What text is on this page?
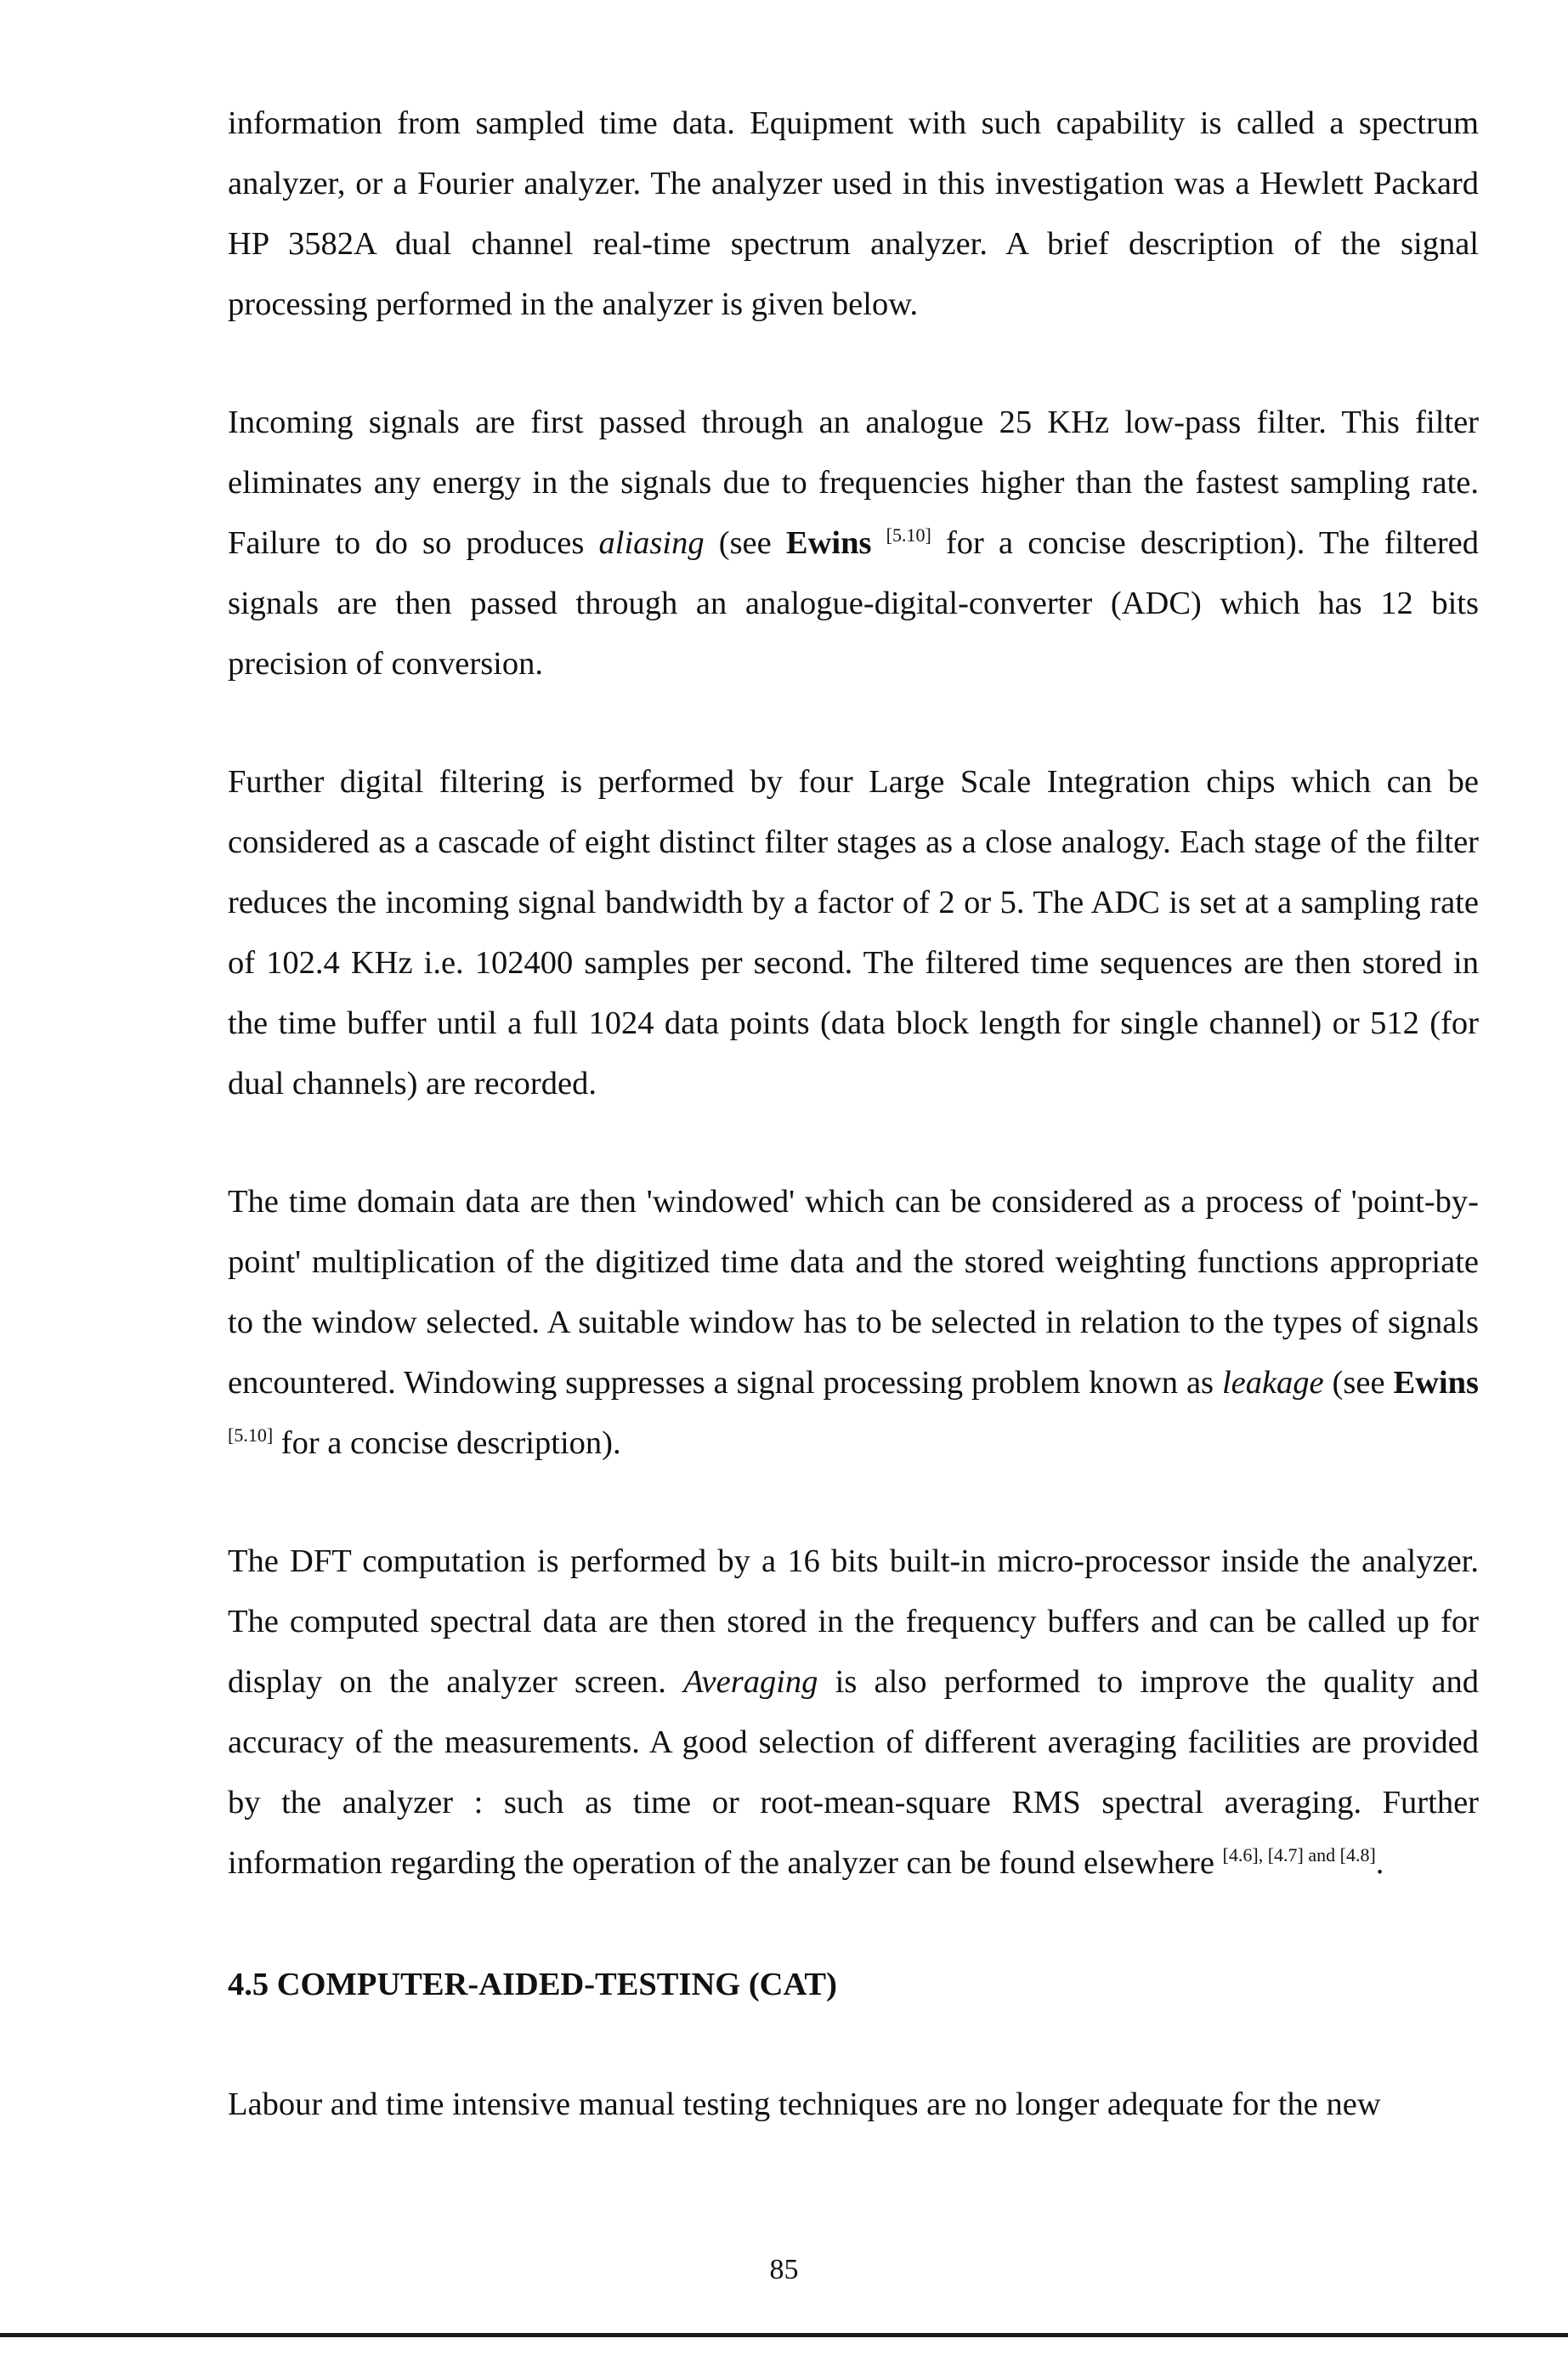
information from sampled time data. Equipment with such capability is called a spectrum analyzer, or a Fourier analyzer. The analyzer used in this investigation was a Hewlett Packard HP 3582A dual channel real-time spectrum analyzer. A brief description of the signal processing performed in the analyzer is given below.

Incoming signals are first passed through an analogue 25 KHz low-pass filter. This filter eliminates any energy in the signals due to frequencies higher than the fastest sampling rate. Failure to do so produces aliasing (see Ewins [5.10] for a concise description). The filtered signals are then passed through an analogue-digital-converter (ADC) which has 12 bits precision of conversion.

Further digital filtering is performed by four Large Scale Integration chips which can be considered as a cascade of eight distinct filter stages as a close analogy. Each stage of the filter reduces the incoming signal bandwidth by a factor of 2 or 5. The ADC is set at a sampling rate of 102.4 KHz i.e. 102400 samples per second. The filtered time sequences are then stored in the time buffer until a full 1024 data points (data block length for single channel) or 512 (for dual channels) are recorded.

The time domain data are then 'windowed' which can be considered as a process of 'point-by-point' multiplication of the digitized time data and the stored weighting functions appropriate to the window selected. A suitable window has to be selected in relation to the types of signals encountered. Windowing suppresses a signal processing problem known as leakage (see Ewins [5.10] for a concise description).

The DFT computation is performed by a 16 bits built-in micro-processor inside the analyzer. The computed spectral data are then stored in the frequency buffers and can be called up for display on the analyzer screen. Averaging is also performed to improve the quality and accuracy of the measurements. A good selection of different averaging facilities are provided by the analyzer : such as time or root-mean-square RMS spectral averaging. Further information regarding the operation of the analyzer can be found elsewhere [4.6], [4.7] and [4.8].

4.5 COMPUTER-AIDED-TESTING (CAT)

Labour and time intensive manual testing techniques are no longer adequate for the new

85
